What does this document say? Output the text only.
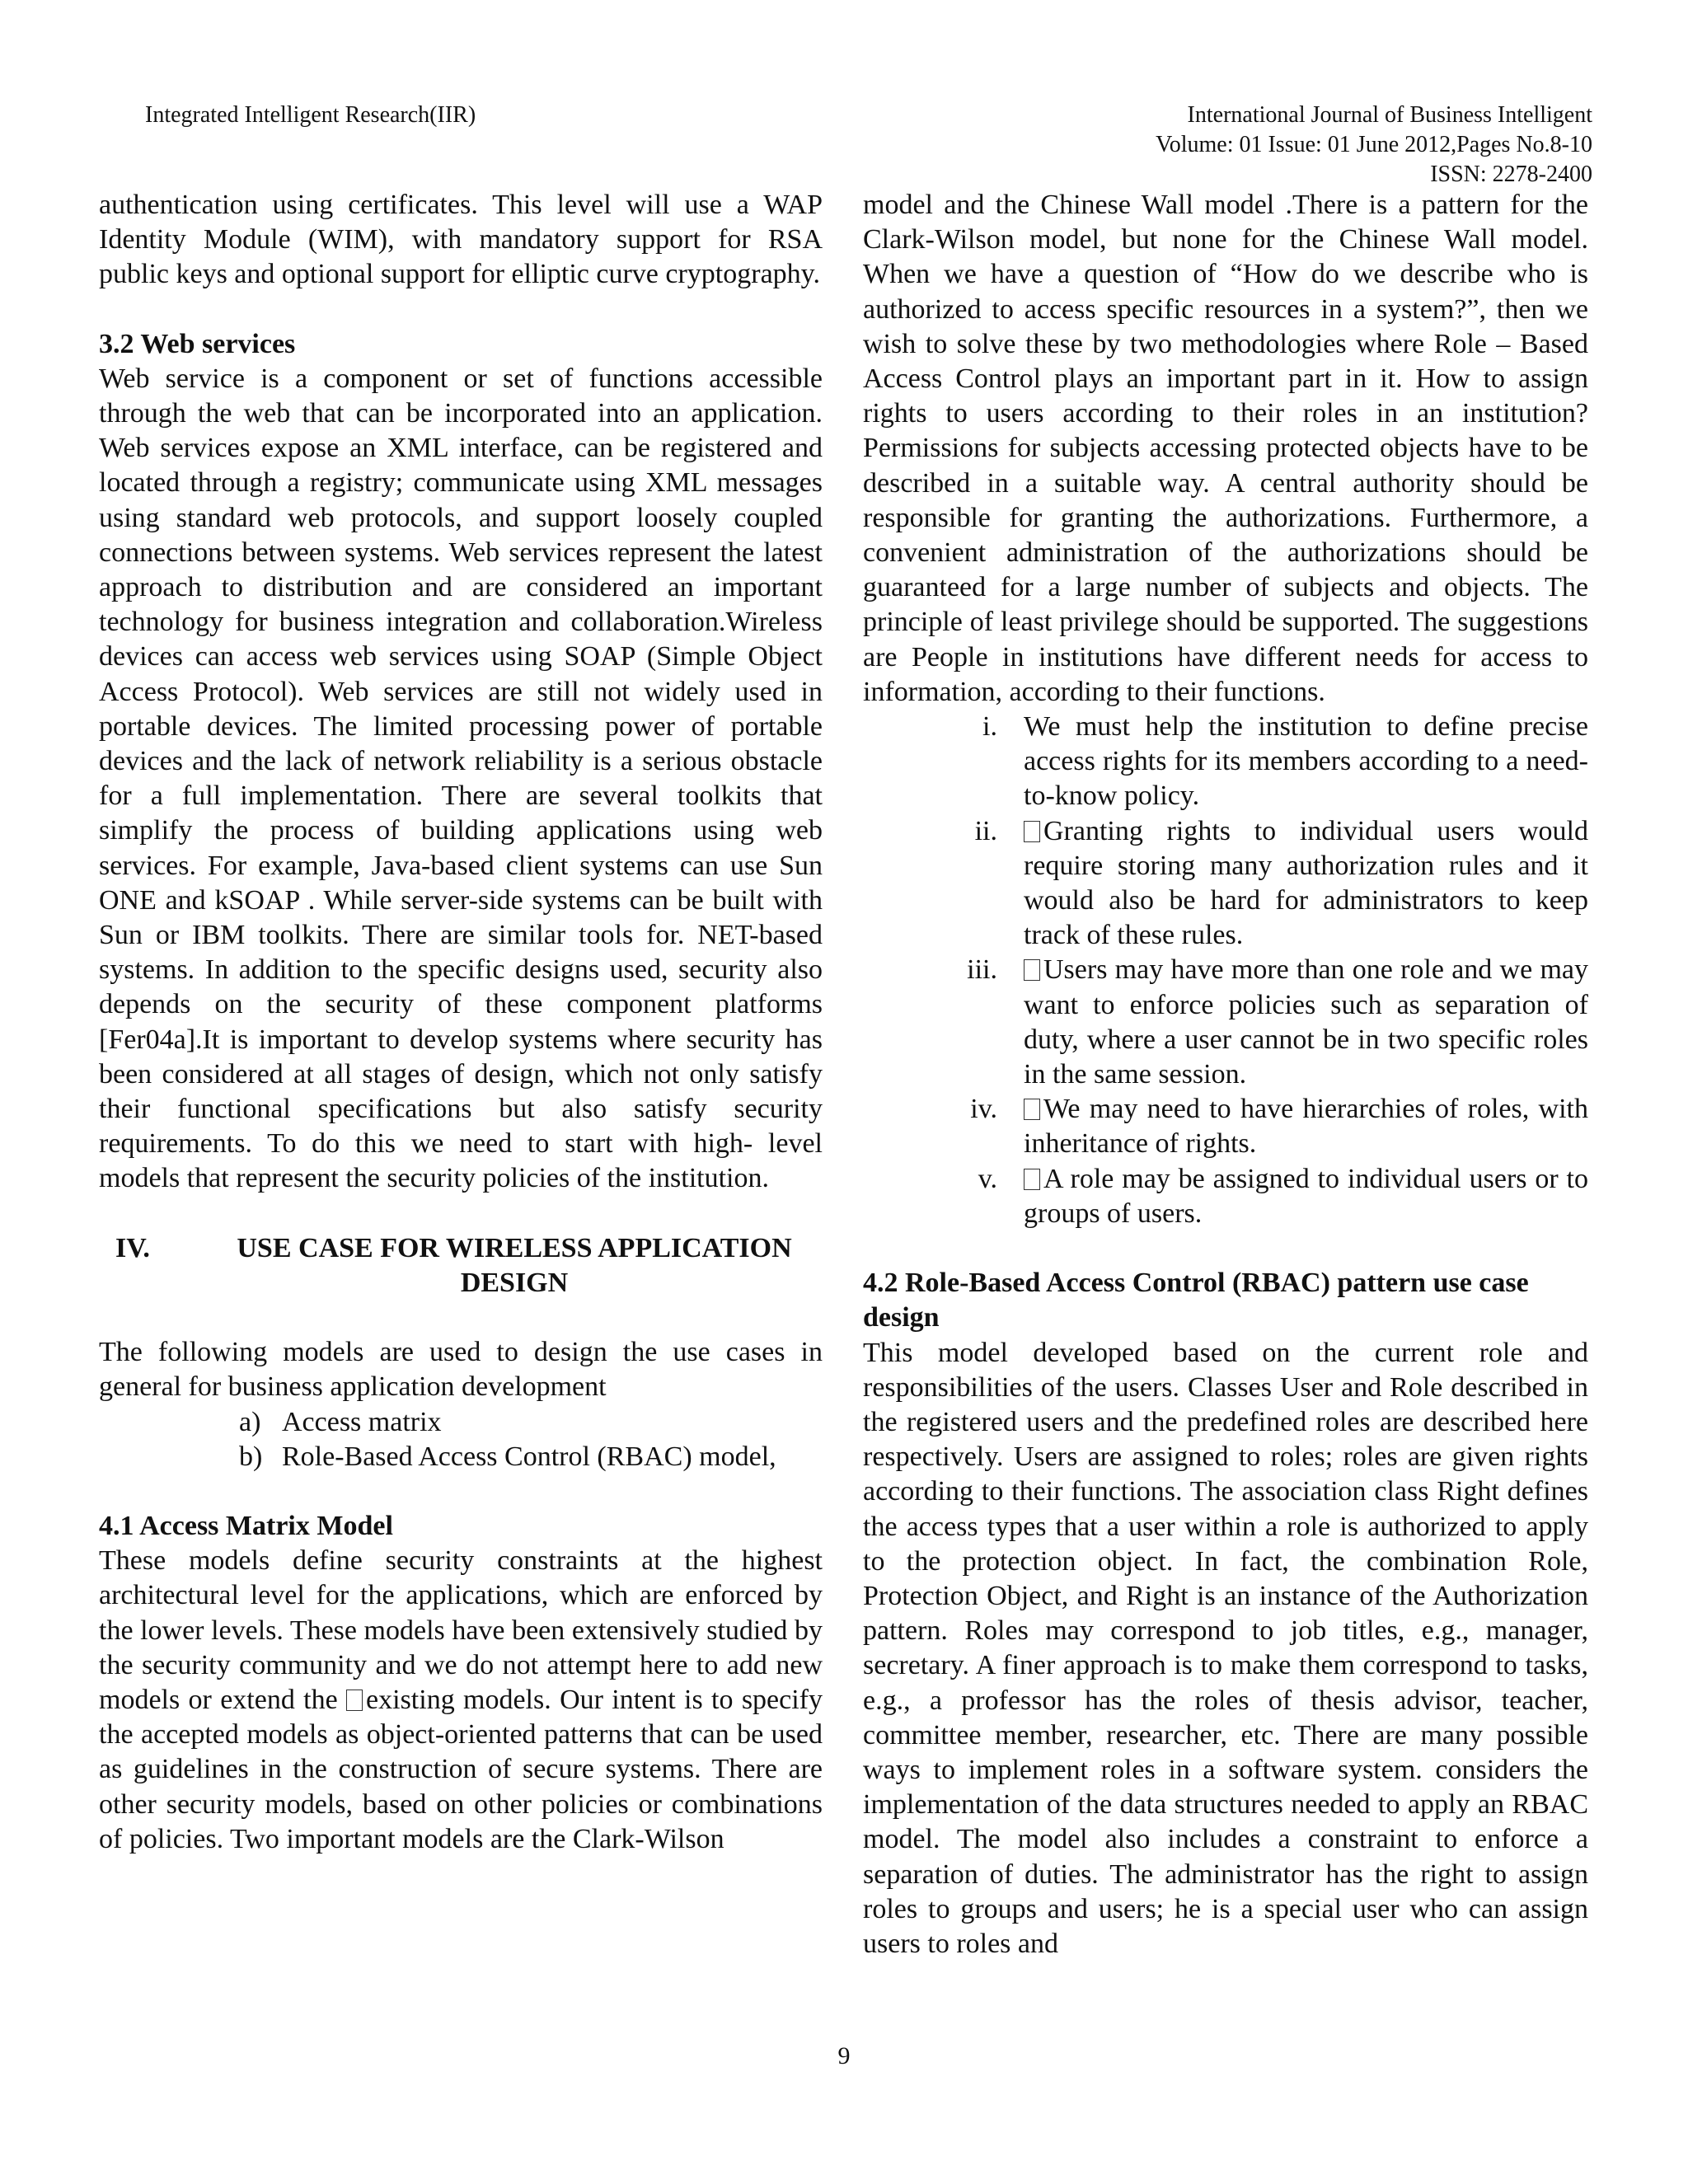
Integrated Intelligent Research(IIR)	International Journal of Business Intelligent
Volume: 01 Issue: 01 June 2012,Pages No.8-10
ISSN: 2278-2400

authentication using certificates. This level will use a WAP Identity Module (WIM), with mandatory support for RSA public keys and optional support for elliptic curve cryptography.

3.2 Web services

Web service is a component or set of functions accessible through the web that can be incorporated into an application. Web services expose an XML interface, can be registered and located through a registry; communicate using XML messages using standard web protocols, and support loosely coupled connections between systems. Web services represent the latest approach to distribution and are considered an important technology for business integration and collaboration.Wireless devices can access web services using SOAP (Simple Object Access Protocol). Web services are still not widely used in portable devices. The limited processing power of portable devices and the lack of network reliability is a serious obstacle for a full implementation. There are several toolkits that simplify the process of building applications using web services. For example, Java-based client systems can use Sun ONE and kSOAP . While server-side systems can be built with Sun or IBM toolkits. There are similar tools for. NET-based systems. In addition to the specific designs used, security also depends on the security of these component platforms [Fer04a].It is important to develop systems where security has been considered at all stages of design, which not only satisfy their functional specifications but also satisfy security requirements. To do this we need to start with high- level models that represent the security policies of the institution.

IV.	USE CASE FOR WIRELESS APPLICATION DESIGN

The following models are used to design the use cases in general for business application development

a) Access matrix
b) Role-Based Access Control (RBAC) model,
4.1 Access Matrix Model

These models define security constraints at the highest architectural level for the applications, which are enforced by the lower levels. These models have been extensively studied by the security community and we do not attempt here to add new models or extend the existing models. Our intent is to specify the accepted models as object-oriented patterns that can be used as guidelines in the construction of secure systems. There are other security models, based on other policies or combinations of policies. Two important models are the Clark-Wilson

model and the Chinese Wall model .There is a pattern for the Clark-Wilson model, but none for the Chinese Wall model. When we have a question of “How do we describe who is authorized to access specific resources in a system?”, then we wish to solve these by two methodologies where Role – Based Access Control plays an important part in it. How to assign rights to users according to their roles in an institution? Permissions for subjects accessing protected objects have to be described in a suitable way. A central authority should be responsible for granting the authorizations. Furthermore, a convenient administration of the authorizations should be guaranteed for a large number of subjects and objects. The principle of least privilege should be supported. The suggestions are People in institutions have different needs for access to information, according to their functions.

i. We must help the institution to define precise access rights for its members according to a need-to-know policy.
ii.	Granting rights to individual users would require storing many authorization rules and it would also be hard for administrators to keep track of these rules.
iii.	Users may have more than one role and we may want to enforce policies such as separation of duty, where a user cannot be in two specific roles in the same session.
iv.	We may need to have hierarchies of roles, with inheritance of rights.
v.	A role may be assigned to individual users or to groups of users.
4.2 Role-Based Access Control (RBAC) pattern use case design

This model developed based on the current role and responsibilities of the users. Classes User and Role described in the registered users and the predefined roles are described here respectively. Users are assigned to roles; roles are given rights according to their functions. The association class Right defines the access types that a user within a role is authorized to apply to the protection object. In fact, the combination Role, Protection Object, and Right is an instance of the Authorization pattern. Roles may correspond to job titles, e.g., manager, secretary. A finer approach is to make them correspond to tasks, e.g., a professor has the roles of thesis advisor, teacher, committee member, researcher, etc. There are many possible ways to implement roles in a software system. considers the implementation of the data structures needed to apply an RBAC model. The model also includes a constraint to enforce a separation of duties. The administrator has the right to assign roles to groups and users; he is a special user who can assign users to roles and

9
